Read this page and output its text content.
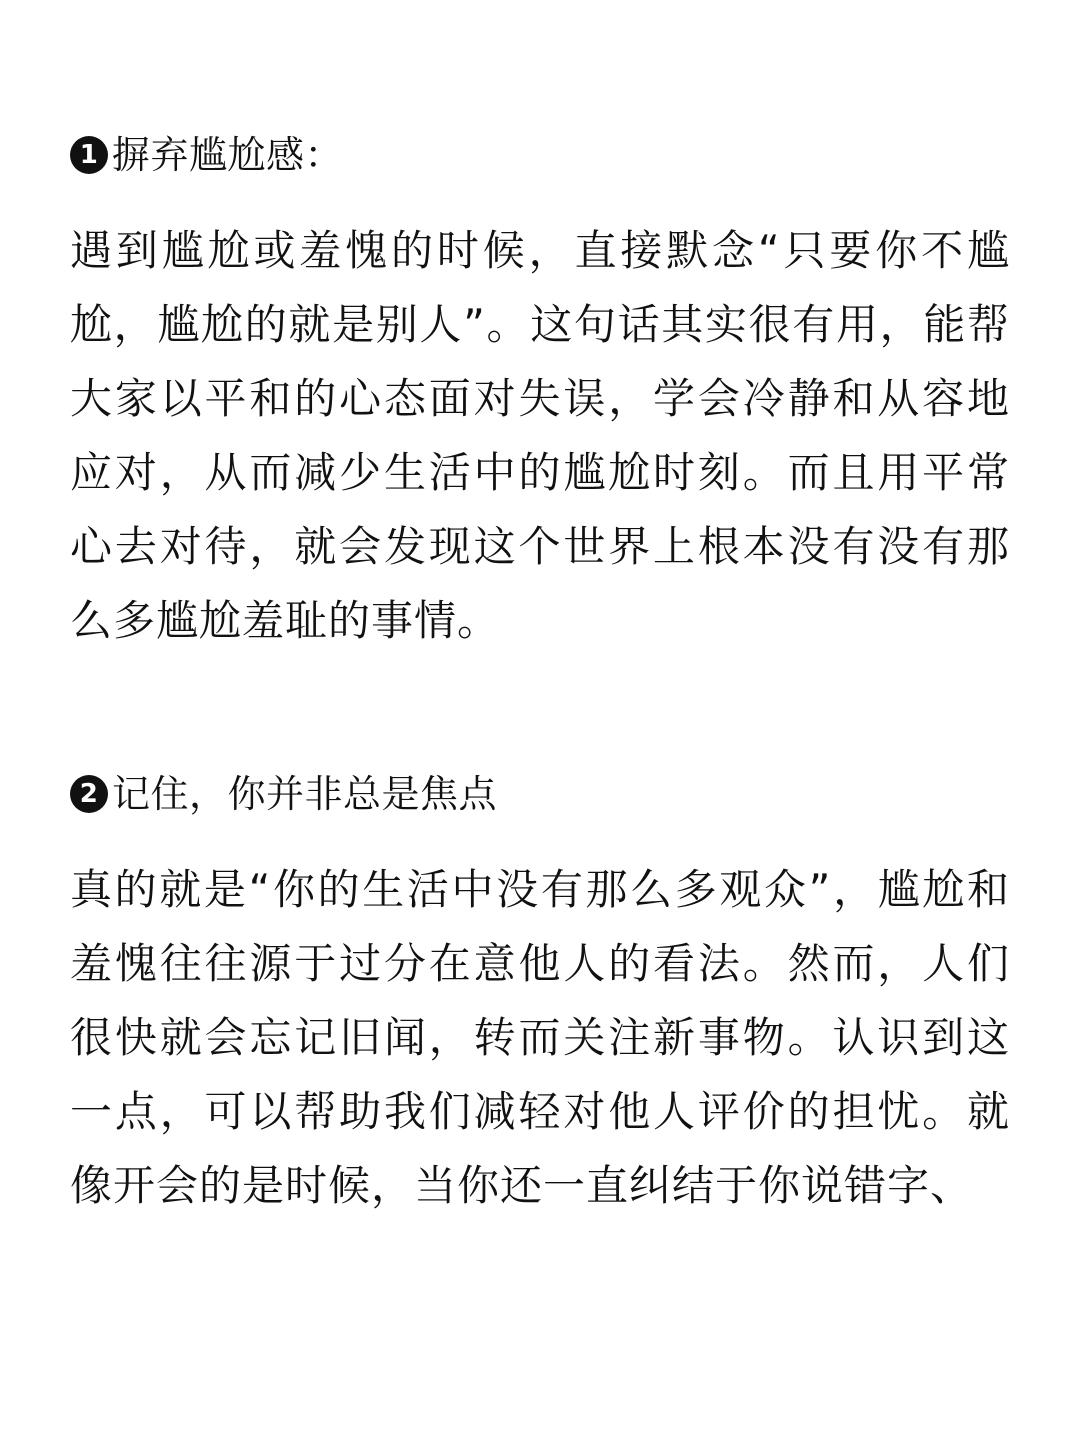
1 摒弃尴尬感：
遇到尴尬或羞愧的时候，直接默念“只要你不尴尬，尴尬的就是别人”。这句话其实很有用，能帮大家以平和的心态面对失误，学会冷静和从容地应对，从而减少生活中的尴尬时刻。而且用平常心去对待，就会发现这个世界上根本没有没有那么多尴尬羞耻的事情。
2 记住，你并非总是焦点
真的就是“你的生活中没有那么多观众”，尴尬和羞愧往往源于过分在意他人的看法。然而，人们很快就会忘记旧闻，转而关注新事物。认识到这一点，可以帮助我们减轻对他人评价的担忧。就像开会的是时候，当你还一直纠结于你说错字、
